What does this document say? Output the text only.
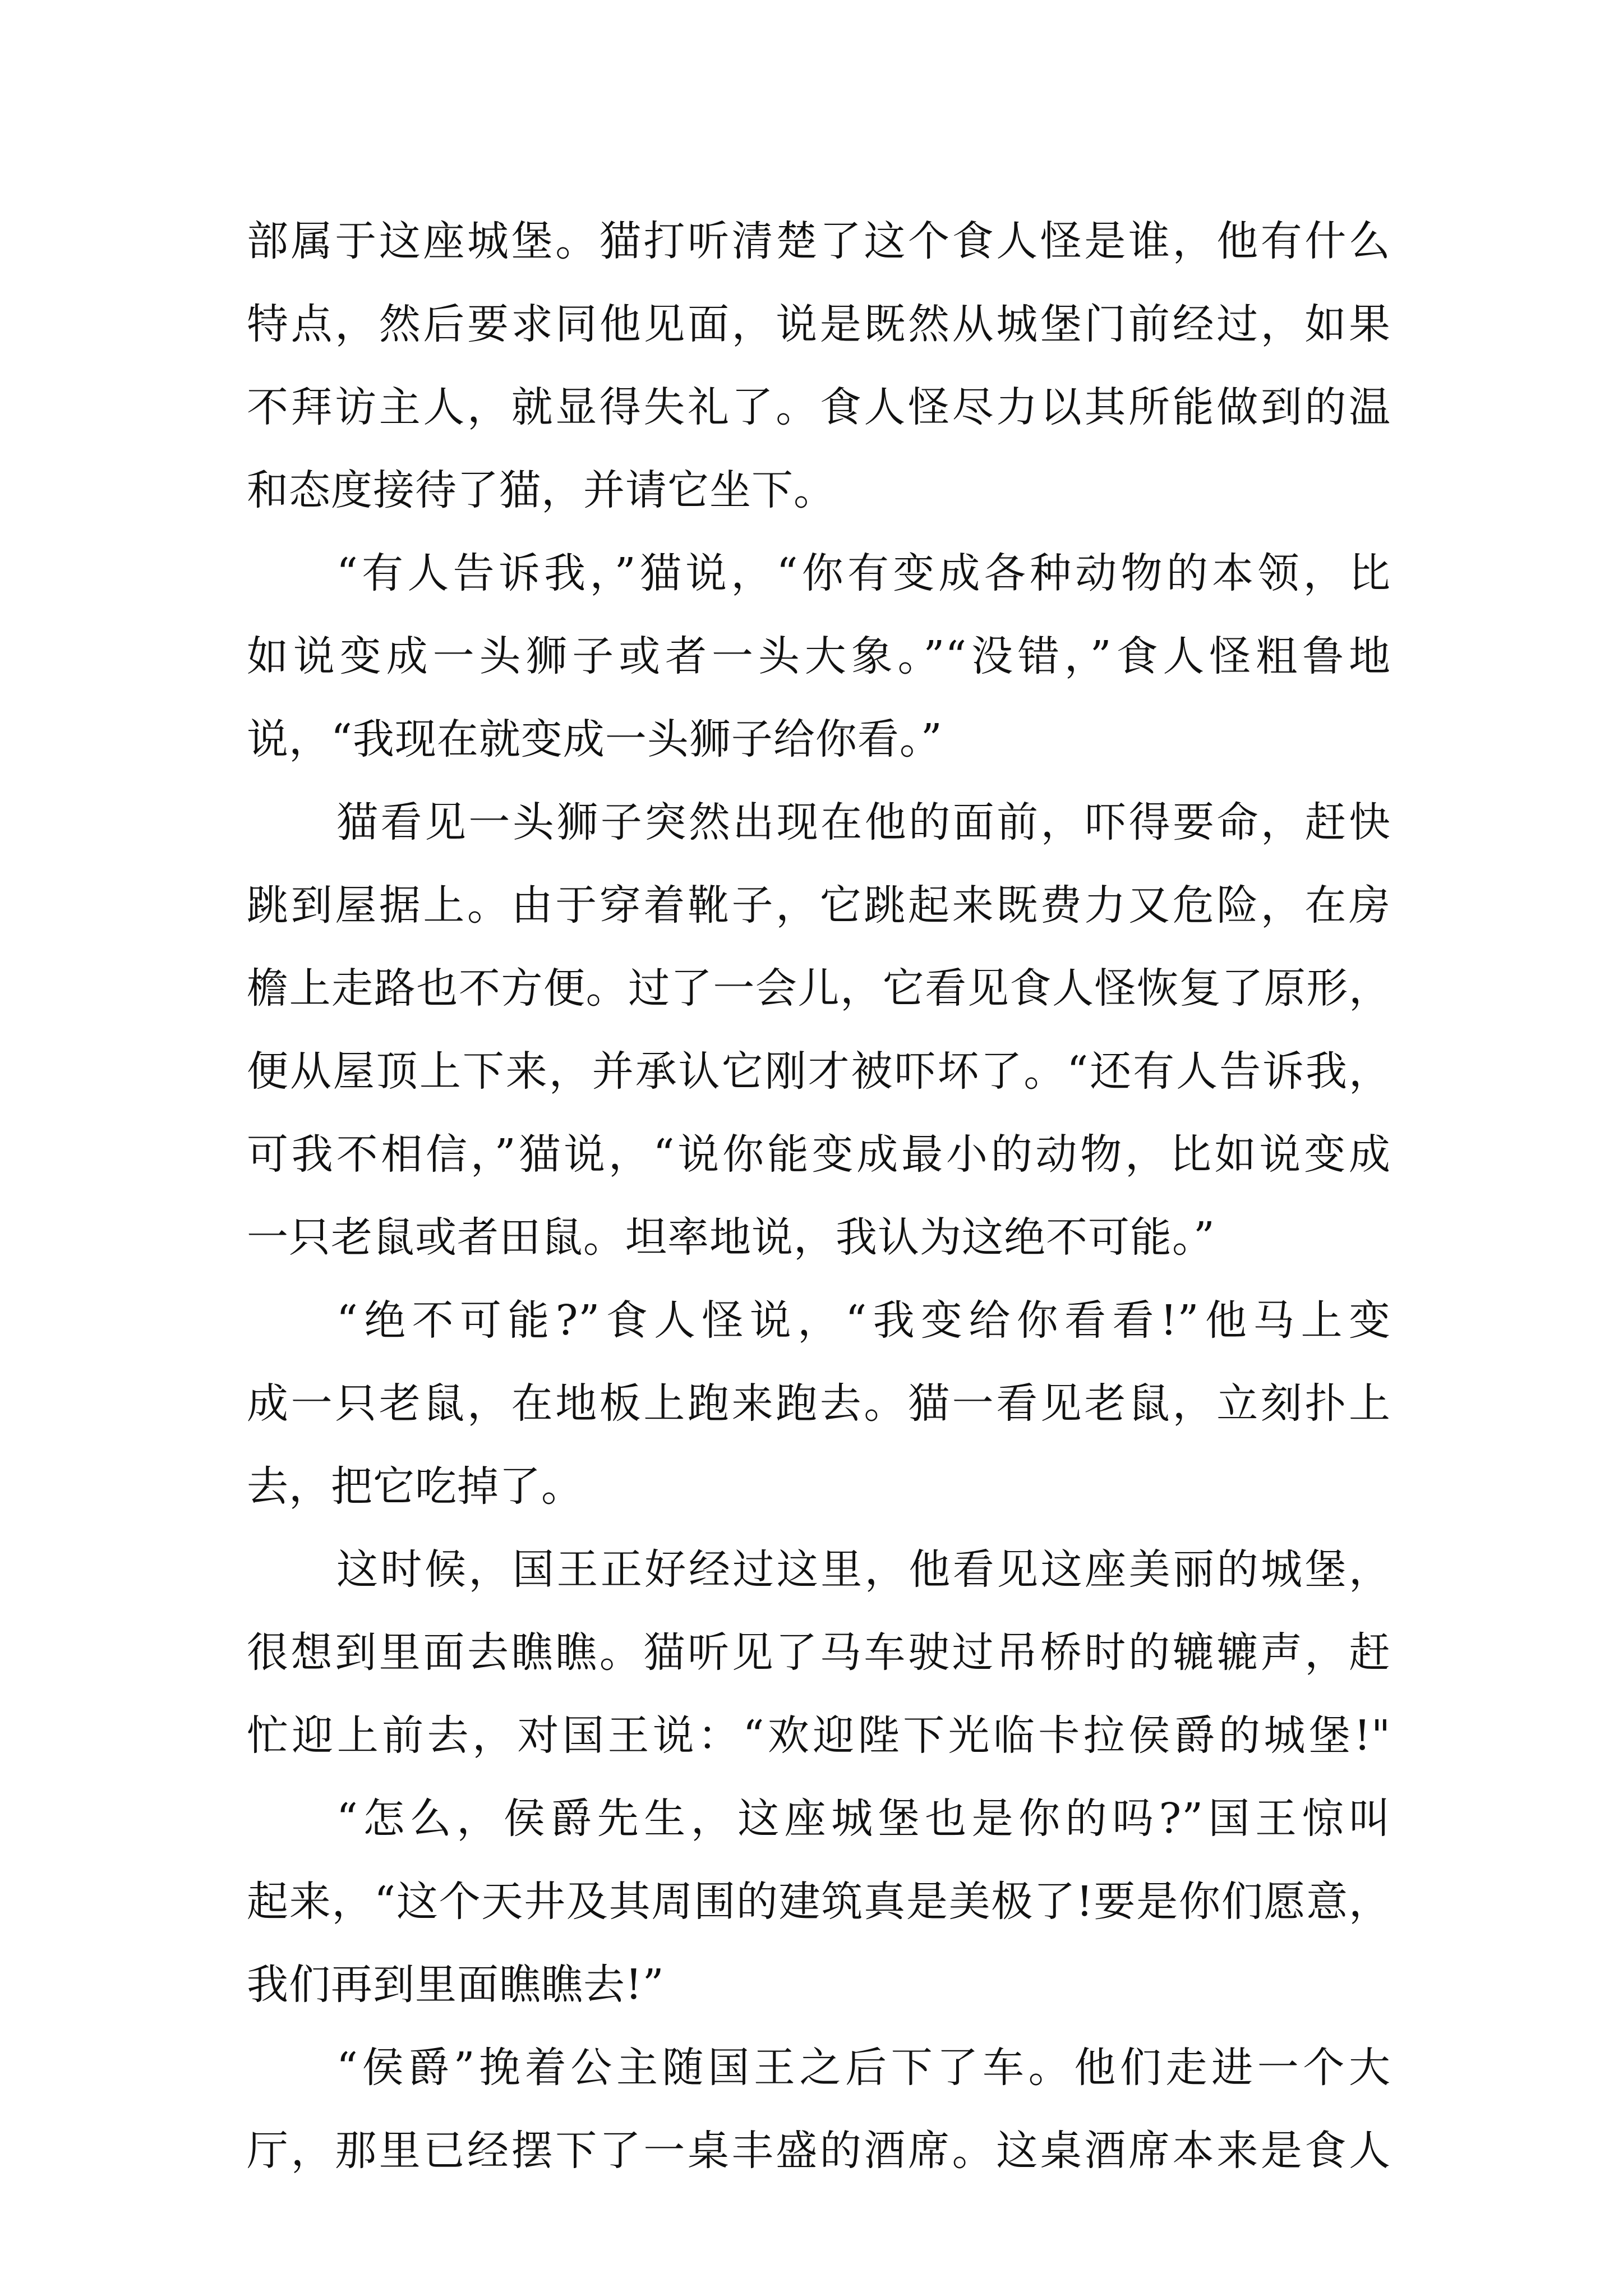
部属于这座城堡。猫打听清楚了这个食人怪是谁，他有什么
特点，然后要求同他见面，说是既然从城堡门前经过，如果
不拜访主人，就显得失礼了。食人怪尽力以其所能做到的温
和态度接待了猫，并请它坐下。
“有人告诉我，”猫说，“你有变成各种动物的本领，比
如说变成一头狮子或者一头大象。”“没错，”食人怪粗鲁地
说，“我现在就变成一头狮子给你看。”
猫看见一头狮子突然出现在他的面前，吓得要命，赶快
跳到屋据上。由于穿着靴子，它跳起来既费力又危险，在房
檐上走路也不方便。过了一会儿，它看见食人怪恢复了原形，
便从屋顶上下来，并承认它刚才被吓坏了。“还有人告诉我，
可我不相信，”猫说，“说你能变成最小的动物，比如说变成
一只老鼠或者田鼠。坦率地说，我认为这绝不可能。”
“绝不可能?”食人怪说，“我变给你看看!”他马上变
成一只老鼠，在地板上跑来跑去。猫一看见老鼠，立刻扑上
去，把它吃掉了。
这时候，国王正好经过这里，他看见这座美丽的城堡，
很想到里面去瞧瞧。猫听见了马车驶过吊桥时的辘辘声，赶
忙迎上前去，对国王说：“欢迎陛下光临卡拉侯爵的城堡!"
“怎么，侯爵先生，这座城堡也是你的吗?”国王惊叫
起来，“这个天井及其周围的建筑真是美极了!要是你们愿意，
我们再到里面瞧瞧去!”
“侯爵”挽着公主随国王之后下了车。他们走进一个大
厅，那里已经摆下了一桌丰盛的酒席。这桌酒席本来是食人
